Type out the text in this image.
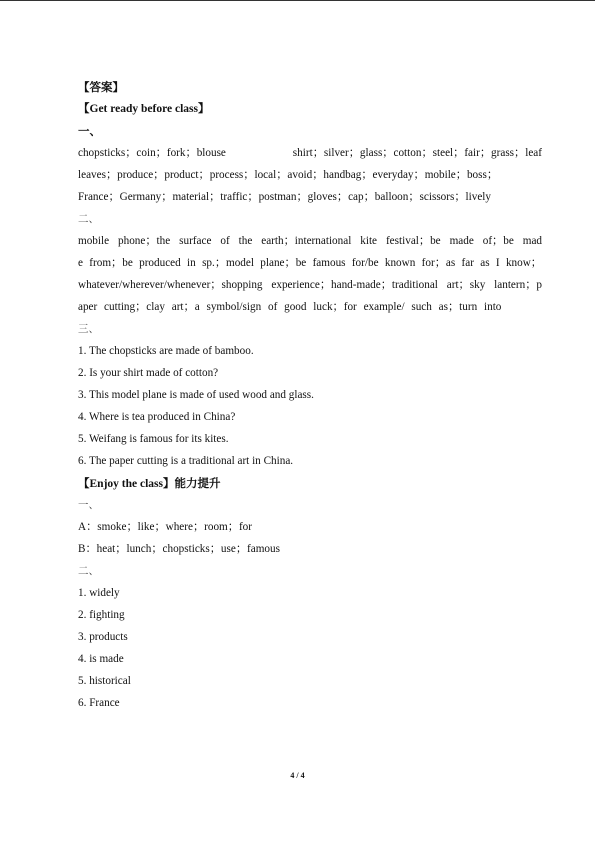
【答案】
【Get ready before class】
一、
chopsticks；coin；fork；blouse           shirt；silver；glass；cotton；steel；fair；grass；leaf
leaves；produce；product；process；local；avoid；handbag；everyday；mobile；boss；
France；Germany；material；traffic；postman；gloves；cap；balloon；scissors；lively
二、
mobile phone；the surface of the earth；international kite festival；be made of；be mad
e from；be produced in sp.；model plane；be famous for/be known for；as far as I know；
whatever/wherever/whenever；shopping experience；hand-made；traditional art；sky lantern；p
aper cutting；clay art；a symbol/sign of good luck；for example/ such as；turn into
三、
1. The chopsticks are made of bamboo.
2. Is your shirt made of cotton?
3. This model plane is made of used wood and glass.
4. Where is tea produced in China?
5. Weifang is famous for its kites.
6. The paper cutting is a traditional art in China.
【Enjoy the class】能力提升
一、
A：smoke；like；where；room；for
B：heat；lunch；chopsticks；use；famous
二、
1. widely
2. fighting
3. products
4. is made
5. historical
6. France
4 / 4
